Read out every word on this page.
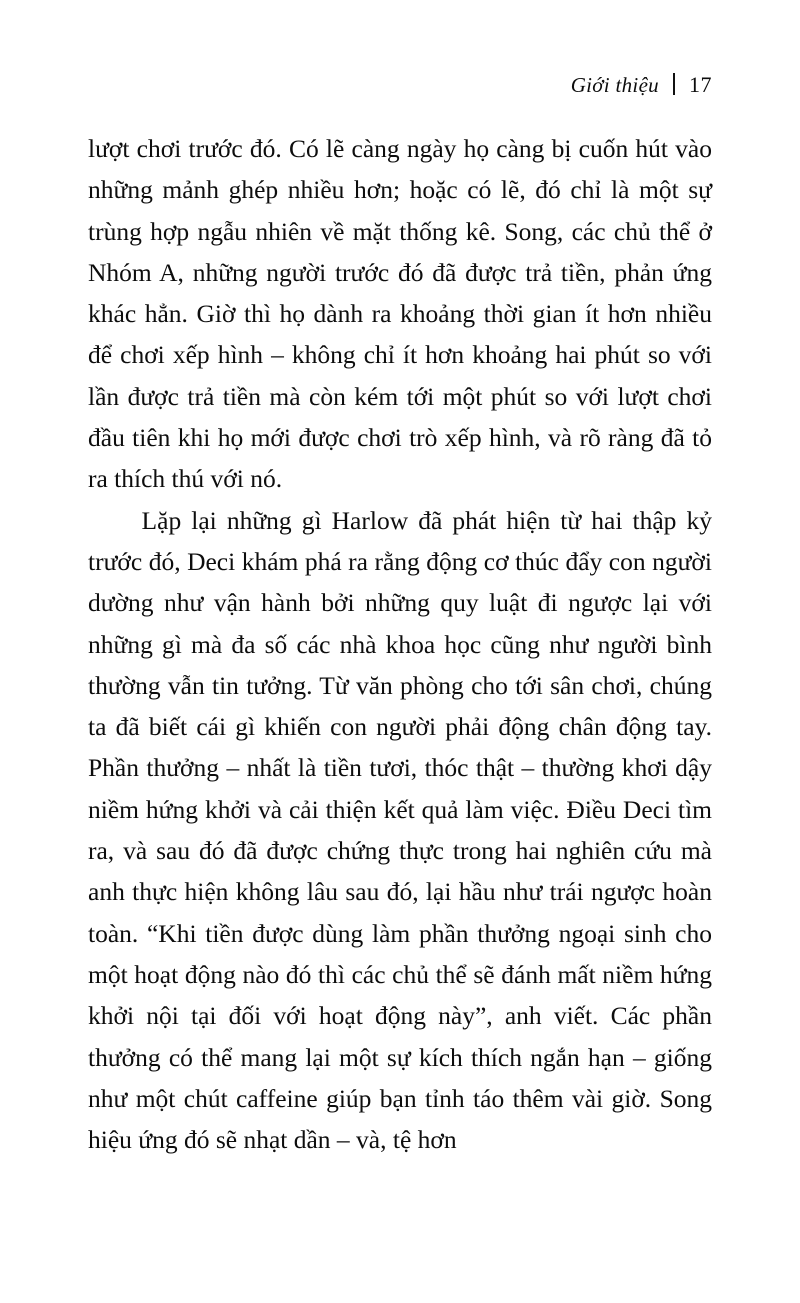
Giới thiệu 17

lượt chơi trước đó. Có lẽ càng ngày họ càng bị cuốn hút vào những mảnh ghép nhiều hơn; hoặc có lẽ, đó chỉ là một sự trùng hợp ngẫu nhiên về mặt thống kê. Song, các chủ thể ở Nhóm A, những người trước đó đã được trả tiền, phản ứng khác hẳn. Giờ thì họ dành ra khoảng thời gian ít hơn nhiều để chơi xếp hình – không chỉ ít hơn khoảng hai phút so với lần được trả tiền mà còn kém tới một phút so với lượt chơi đầu tiên khi họ mới được chơi trò xếp hình, và rõ ràng đã tỏ ra thích thú với nó.

Lặp lại những gì Harlow đã phát hiện từ hai thập kỷ trước đó, Deci khám phá ra rằng động cơ thúc đẩy con người dường như vận hành bởi những quy luật đi ngược lại với những gì mà đa số các nhà khoa học cũng như người bình thường vẫn tin tưởng. Từ văn phòng cho tới sân chơi, chúng ta đã biết cái gì khiến con người phải động chân động tay. Phần thưởng – nhất là tiền tươi, thóc thật – thường khơi dậy niềm hứng khởi và cải thiện kết quả làm việc. Điều Deci tìm ra, và sau đó đã được chứng thực trong hai nghiên cứu mà anh thực hiện không lâu sau đó, lại hầu như trái ngược hoàn toàn. “Khi tiền được dùng làm phần thưởng ngoại sinh cho một hoạt động nào đó thì các chủ thể sẽ đánh mất niềm hứng khởi nội tại đối với hoạt động này”, anh viết. Các phần thưởng có thể mang lại một sự kích thích ngắn hạn – giống như một chút caffeine giúp bạn tỉnh táo thêm vài giờ. Song hiệu ứng đó sẽ nhạt dần – và, tệ hơn
